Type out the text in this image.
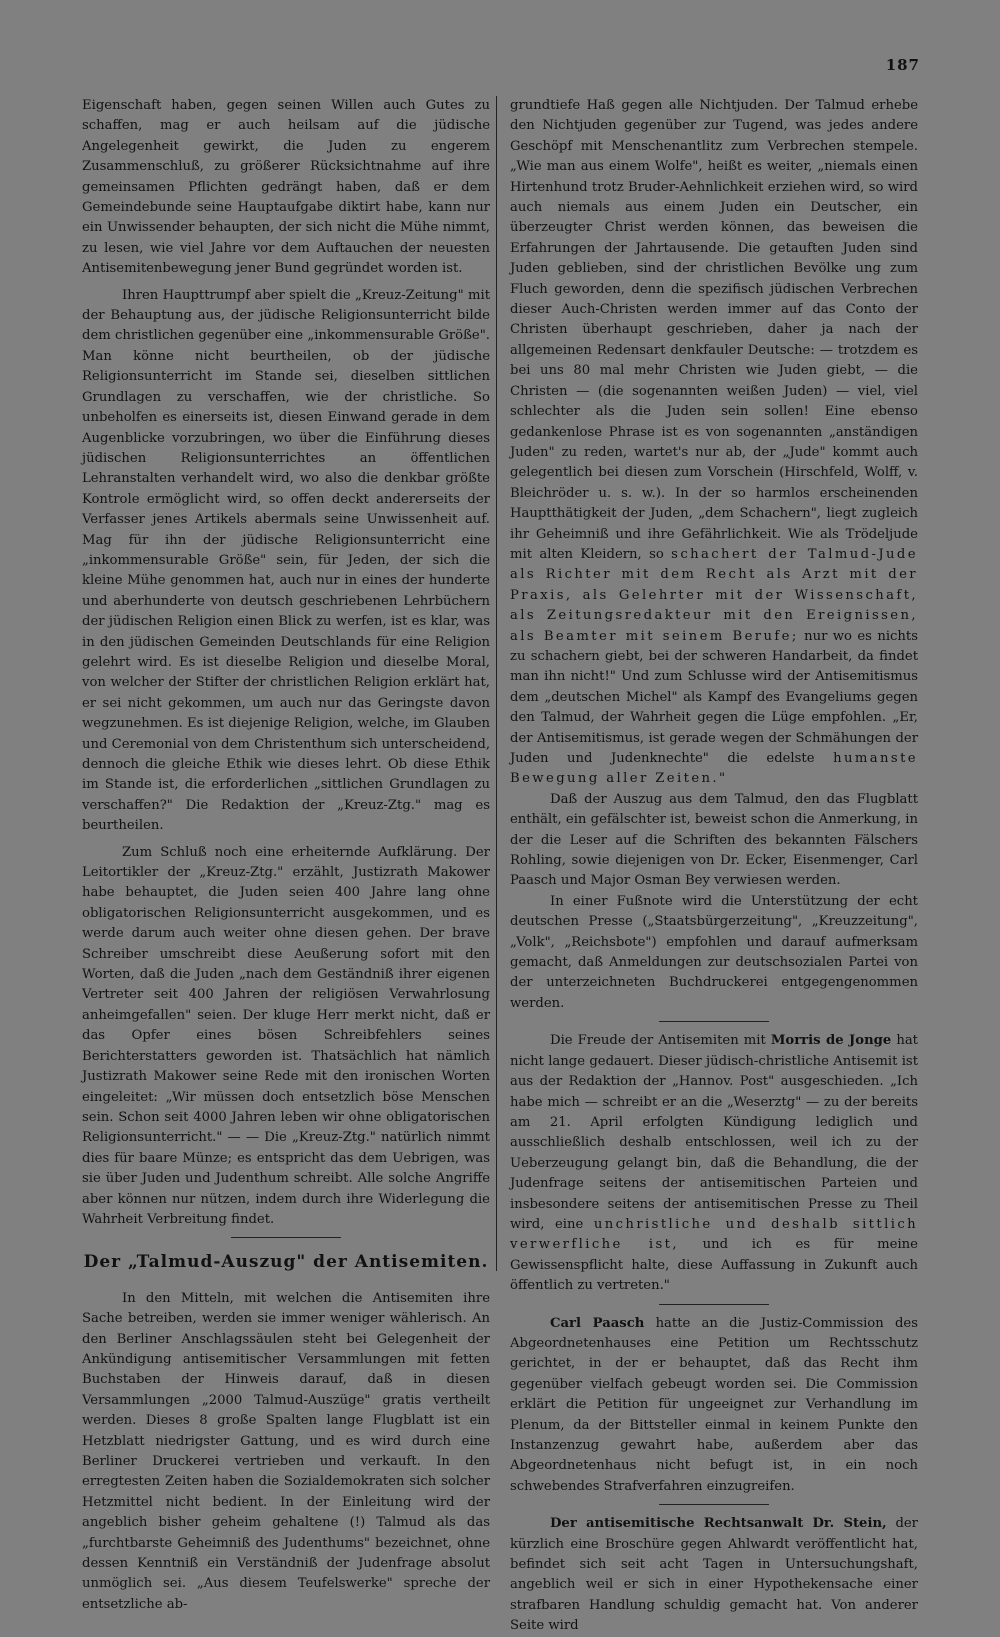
187

Eigenschaft haben, gegen seinen Willen auch Gutes zu schaffen, mag er auch heilsam auf die jüdische Angelegenheit gewirkt, die Juden zu engerem Zusammenschluß, zu größerer Rücksichtnahme auf ihre gemeinsamen Pflichten gedrängt haben, daß er dem Gemeindebunde seine Hauptaufgabe diktirt habe, kann nur ein Unwissender behaupten, der sich nicht die Mühe nimmt, zu lesen, wie viel Jahre vor dem Auftauchen der neuesten Antisemitenbewegung jener Bund gegründet worden ist.

Ihren Haupttrumpf aber spielt die „Kreuz-Zeitung" mit der Behauptung aus, der jüdische Religionsunterricht bilde dem christlichen gegenüber eine „inkommensurable Größe". Man könne nicht beurtheilen, ob der jüdische Religionsunterricht im Stande sei, dieselben sittlichen Grundlagen zu verschaffen, wie der christliche. So unbeholfen es einerseits ist, diesen Einwand gerade in dem Augenblicke vorzubringen, wo über die Einführung dieses jüdischen Religionsunterrichtes an öffentlichen Lehranstalten verhandelt wird, wo also die denkbar größte Kontrole ermöglicht wird, so offen deckt andererseits der Verfasser jenes Artikels abermals seine Unwissenheit auf. Mag für ihn der jüdische Religionsunterricht eine „inkommensurable Größe" sein, für Jeden, der sich die kleine Mühe genommen hat, auch nur in eines der hunderte und aberhunderte von deutsch geschriebenen Lehrbüchern der jüdischen Religion einen Blick zu werfen, ist es klar, was in den jüdischen Gemeinden Deutschlands für eine Religion gelehrt wird. Es ist dieselbe Religion und dieselbe Moral, von welcher der Stifter der christlichen Religion erklärt hat, er sei nicht gekommen, um auch nur das Geringste davon wegzunehmen. Es ist diejenige Religion, welche, im Glauben und Ceremonial von dem Christenthum sich unterscheidend, dennoch die gleiche Ethik wie dieses lehrt. Ob diese Ethik im Stande ist, die erforderlichen „sittlichen Grundlagen zu verschaffen?" Die Redaktion der „Kreuz-Ztg." mag es beurtheilen.

Zum Schluß noch eine erheiternde Aufklärung. Der Leitortikler der „Kreuz-Ztg." erzählt, Justizrath Makower habe behauptet, die Juden seien 400 Jahre lang ohne obligatorischen Religionsunterricht ausgekommen, und es werde darum auch weiter ohne diesen gehen. Der brave Schreiber umschreibt diese Aeußerung sofort mit den Worten, daß die Juden „nach dem Geständniß ihrer eigenen Vertreter seit 400 Jahren der religiösen Verwahrlosung anheimgefallen" seien. Der kluge Herr merkt nicht, daß er das Opfer eines bösen Schreibfehlers seines Berichterstatters geworden ist. Thatsächlich hat nämlich Justizrath Makower seine Rede mit den ironischen Worten eingeleitet: „Wir müssen doch entsetzlich böse Menschen sein. Schon seit 4000 Jahren leben wir ohne obligatorischen Religionsunterricht." — — Die „Kreuz-Ztg." natürlich nimmt dies für baare Münze; es entspricht das dem Uebrigen, was sie über Juden und Judenthum schreibt. Alle solche Angriffe aber können nur nützen, indem durch ihre Widerlegung die Wahrheit Verbreitung findet.

Der „Talmud-Auszug" der Antisemiten.

In den Mitteln, mit welchen die Antisemiten ihre Sache betreiben, werden sie immer weniger wählerisch. An den Berliner Anschlagssäulen steht bei Gelegenheit der Ankündigung antisemitischer Versammlungen mit fetten Buchstaben der Hinweis darauf, daß in diesen Versammlungen „2000 Talmud-Auszüge" gratis vertheilt werden. Dieses 8 große Spalten lange Flugblatt ist ein Hetzblatt niedrigster Gattung, und es wird durch eine Berliner Druckerei vertrieben und verkauft. In den erregtesten Zeiten haben die Sozialdemokraten sich solcher Hetzmittel nicht bedient. In der Einleitung wird der angeblich bisher geheim gehaltene (!) Talmud als das „furchtbarste Geheimniß des Judenthums" bezeichnet, ohne dessen Kenntniß ein Verständniß der Judenfrage absolut unmöglich sei. „Aus diesem Teufelswerke" spreche der entsetzliche ab-

grundtiefe Haß gegen alle Nichtjuden. Der Talmud erhebe den Nichtjuden gegenüber zur Tugend, was jedes andere Geschöpf mit Menschenantlitz zum Verbrechen stempele. „Wie man aus einem Wolfe", heißt es weiter, „niemals einen Hirtenhund trotz Bruder-Aehnlichkeit erziehen wird, so wird auch niemals aus einem Juden ein Deutscher, ein überzeugter Christ werden können, das beweisen die Erfahrungen der Jahrtausende. Die getauften Juden sind Juden geblieben, sind der christlichen Bevölke ung zum Fluch geworden, denn die spezifisch jüdischen Verbrechen dieser Auch-Christen werden immer auf das Conto der Christen überhaupt geschrieben, daher ja nach der allgemeinen Redensart denkfauler Deutsche: — trotzdem es bei uns 80 mal mehr Christen wie Juden giebt, — die Christen — (die sogenannten weißen Juden) — viel, viel schlechter als die Juden sein sollen! Eine ebenso gedankenlose Phrase ist es von sogenannten „anständigen Juden" zu reden, wartet's nur ab, der „Jude" kommt auch gelegentlich bei diesen zum Vorschein (Hirschfeld, Wolff, v. Bleichröder u. s. w.). In der so harmlos erscheinenden Hauptthätigkeit der Juden, „dem Schachern", liegt zugleich ihr Geheimniß und ihre Gefährlichkeit. Wie als Trödeljude mit alten Kleidern, so schachert der Talmud-Jude als Richter mit dem Recht als Arzt mit der Praxis, als Gelehrter mit der Wissenschaft, als Zeitungsredakteur mit den Ereignissen, als Beamter mit seinem Berufe; nur wo es nichts zu schachern giebt, bei der schweren Handarbeit, da findet man ihn nicht!" Und zum Schlusse wird der Antisemitismus dem „deutschen Michel" als Kampf des Evangeliums gegen den Talmud, der Wahrheit gegen die Lüge empfohlen. „Er, der Antisemitismus, ist gerade wegen der Schmähungen der Juden und Judenknechte" die edelste humanste Bewegung aller Zeiten."

Daß der Auszug aus dem Talmud, den das Flugblatt enthält, ein gefälschter ist, beweist schon die Anmerkung, in der die Leser auf die Schriften des bekannten Fälschers Rohling, sowie diejenigen von Dr. Ecker, Eisenmenger, Carl Paasch und Major Osman Bey verwiesen werden.

In einer Fußnote wird die Unterstützung der echt deutschen Presse („Staatsbürgerzeitung", „Kreuzzeitung", „Volk", „Reichsbote") empfohlen und darauf aufmerksam gemacht, daß Anmeldungen zur deutschsozialen Partei von der unterzeichneten Buchdruckerei entgegengenommen werden.

Die Freude der Antisemiten mit Morris de Jonge hat nicht lange gedauert. Dieser jüdisch-christliche Antisemit ist aus der Redaktion der „Hannov. Post" ausgeschieden. „Ich habe mich — schreibt er an die „Weserztg" — zu der bereits am 21. April erfolgten Kündigung lediglich und ausschließlich deshalb entschlossen, weil ich zu der Ueberzeugung gelangt bin, daß die Behandlung, die der Judenfrage seitens der antisemitischen Parteien und insbesondere seitens der antisemitischen Presse zu Theil wird, eine unchristliche und deshalb sittlich verwerfliche ist, und ich es für meine Gewissenspflicht halte, diese Auffassung in Zukunft auch öffentlich zu vertreten."

Carl Paasch hatte an die Justiz-Commission des Abgeordnetenhauses eine Petition um Rechtsschutz gerichtet, in der er behauptet, daß das Recht ihm gegenüber vielfach gebeugt worden sei. Die Commission erklärt die Petition für ungeeignet zur Verhandlung im Plenum, da der Bittsteller einmal in keinem Punkte den Instanzenzug gewahrt habe, außerdem aber das Abgeordnetenhaus nicht befugt ist, in ein noch schwebendes Strafverfahren einzugreifen.

Der antisemitische Rechtsanwalt Dr. Stein, der kürzlich eine Broschüre gegen Ahlwardt veröffentlicht hat, befindet sich seit acht Tagen in Untersuchungshaft, angeblich weil er sich in einer Hypothekensache einer strafbaren Handlung schuldig gemacht hat. Von anderer Seite wird
